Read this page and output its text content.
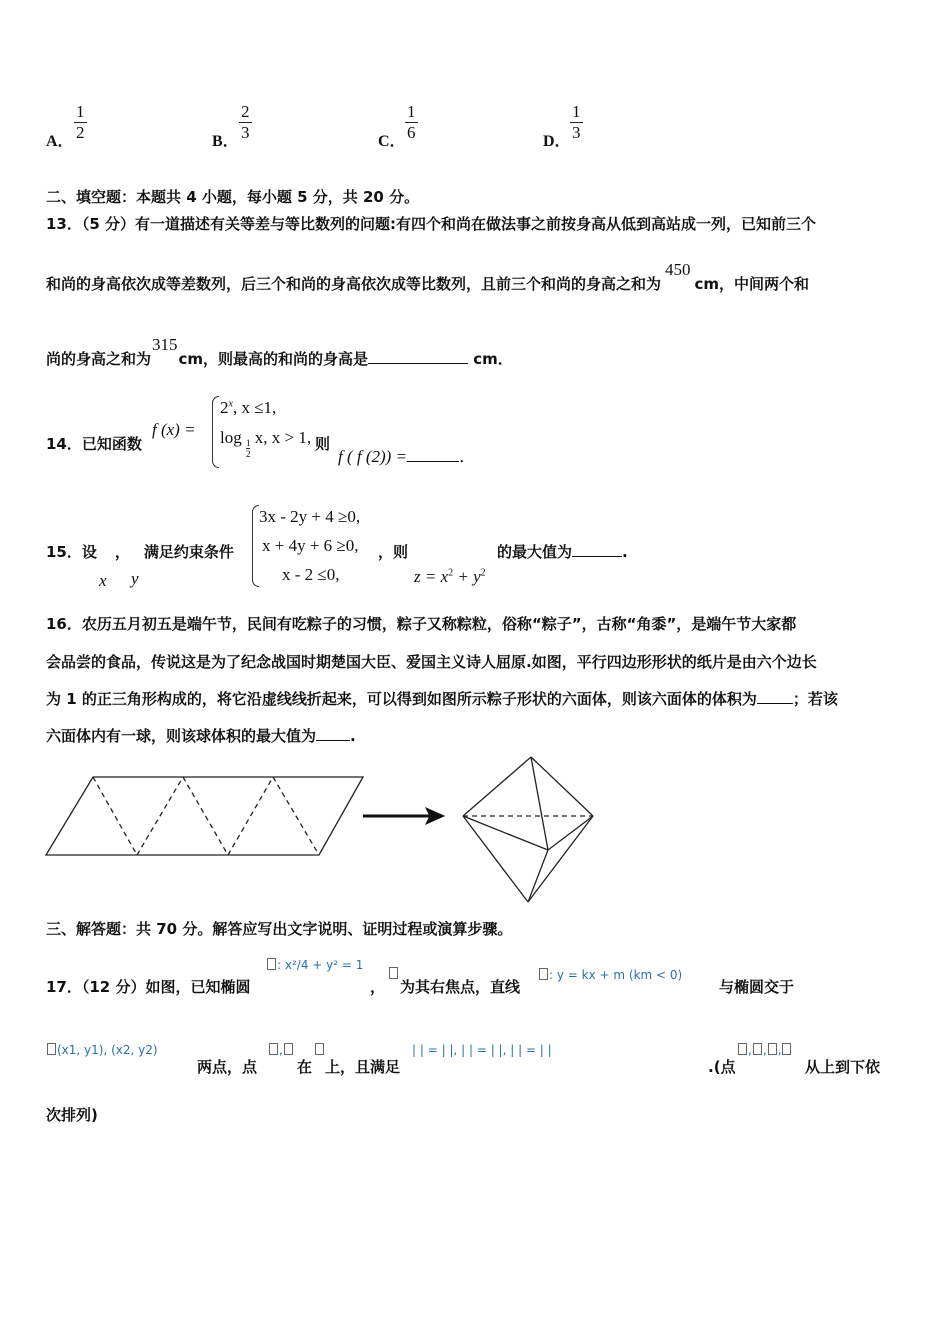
A． $\frac{1}{2}$	B． $\frac{2}{3}$	C． $\frac{1}{6}$	D． $\frac{1}{3}$
二、填空题：本题共 4 小题，每小题 5 分，共 20 分。
13．（5 分）有一道描述有关等差与等比数列的问题:有四个和尚在做法事之前按身高从低到高站成一列，已知前三个
和尚的身高依次成等差数列，后三个和尚的身高依次成等比数列，且前三个和尚的身高之和为450cm，中间两个和
尚的身高之和为315cm，则最高的和尚的身高是	cm．
14．已知函数
f (x) =
$2^x$, x ≤1,
log
$\frac{1}{2}$
x, x > 1, 则
f ( f (2)) =	．
15．设 ， 满足约束条件
x y
3x - 2y + 4 ≥0,
x + 4y + 6 ≥0,
x - 2 ≤0,
，则
$z = x^2 + y^2$
的最大值为	.
16．农历五月初五是端午节，民间有吃粽子的习惯，粽子又称粽粒，俗称“粽子”，古称“角黍”，是端午节大家都
会品尝的食品，传说这是为了纪念战国时期楚国大臣、爱国主义诗人屈原.如图，平行四边形形状的纸片是由六个边长
为 1 的正三角形构成的，将它沿虚线线折起来，可以得到如图所示粽子形状的六面体，则该六面体的体积为 ；若该
六面体内有一球，则该球体积的最大值为 .
三、解答题：共 70 分。解答应写出文字说明、证明过程或演算步骤。
17．（12 分）如图，已知椭圆
: x²/4 + y² = 1
， 为其右焦点，直线
: y = kx + m (km < 0)
与椭圆交于
(x1, y1), (x2, y2)
两点，点
,
在 上，且满足
| | = | |, | | = | |, | | = | |
.(点
, , ,
从上到下依
次排列)
